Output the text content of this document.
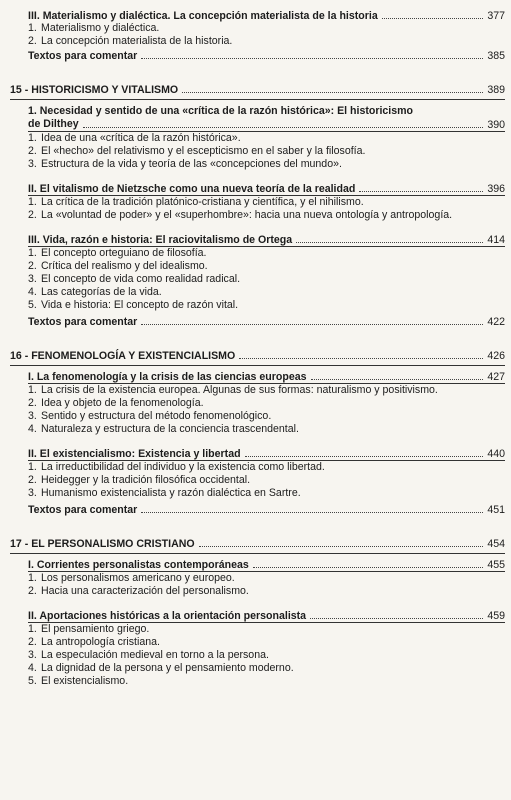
III. Materialismo y dialéctica. La concepción materialista de la historia	377
1. Materialismo y dialéctica.
2. La concepción materialista de la historia.
Textos para comentar	385
15 - HISTORICISMO Y VITALISMO	389
1. Necesidad y sentido de una «crítica de la razón histórica»: El historicismo
de Dilthey	390
1. Idea de una «crítica de la razón histórica».
2. El «hecho» del relativismo y el escepticismo en el saber y la filosofía.
3. Estructura de la vida y teoría de las «concepciones del mundo».
II. El vitalismo de Nietzsche como una nueva teoría de la realidad	396
1. La crítica de la tradición platónico-cristiana y científica, y el nihilismo.
2. La «voluntad de poder» y el «superhombre»: hacia una nueva ontología y antropología.
III. Vida, razón e historia: El raciovitalismo de Ortega	414
1. El concepto orteguiano de filosofía.
2. Crítica del realismo y del idealismo.
3. El concepto de vida como realidad radical.
4. Las categorías de la vida.
5. Vida e historia: El concepto de razón vital.
Textos para comentar	422
16 - FENOMENOLOGÍA Y EXISTENCIALISMO	426
I. La fenomenología y la crisis de las ciencias europeas	427
1. La crisis de la existencia europea. Algunas de sus formas: naturalismo y positivismo.
2. Idea y objeto de la fenomenología.
3. Sentido y estructura del método fenomenológico.
4. Naturaleza y estructura de la conciencia trascendental.
II. El existencialismo: Existencia y libertad	440
1. La irreductibilidad del individuo y la existencia como libertad.
2. Heidegger y la tradición filosófica occidental.
3. Humanismo existencialista y razón dialéctica en Sartre.
Textos para comentar	451
17 - EL PERSONALISMO CRISTIANO	454
I. Corrientes personalistas contemporáneas	455
1. Los personalismos americano y europeo.
2. Hacia una caracterización del personalismo.
II. Aportaciones históricas a la orientación personalista	459
1. El pensamiento griego.
2. La antropología cristiana.
3. La especulación medieval en torno a la persona.
4. La dignidad de la persona y el pensamiento moderno.
5. El existencialismo.
